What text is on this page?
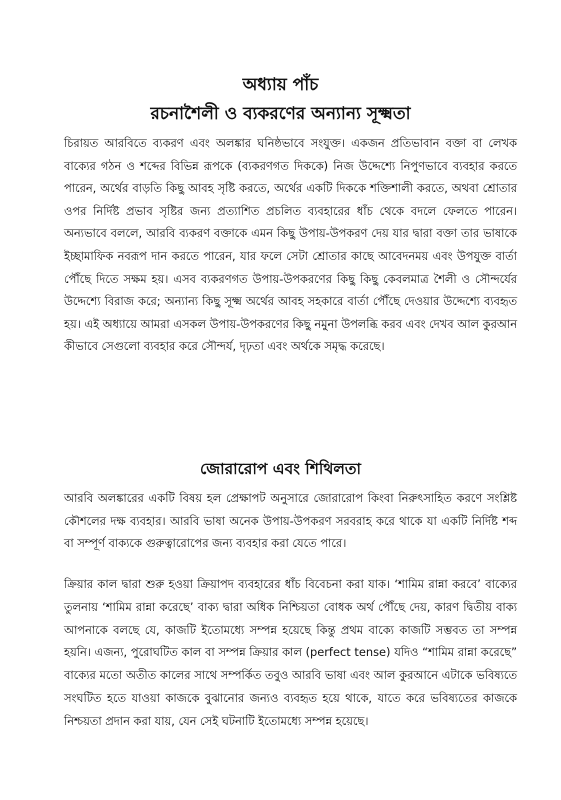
অধ্যায় পাঁচ
রচনাশৈলী ও ব্যকরণের অন্যান্য সূক্ষ্মতা

চিরায়ত আরবিতে ব্যকরণ এবং অলঙ্কার ঘনিষ্ঠভাবে সংযুক্ত। একজন প্রতিভাবান বক্তা বা লেখক বাক্যের গঠন ও শব্দের বিভিন্ন রূপকে (ব্যকরণগত দিককে) নিজ উদ্দেশ্যে নিপুণভাবে ব্যবহার করতে পারেন, অর্থের বাড়তি কিছু আবহ সৃষ্টি করতে, অর্থের একটি দিককে শক্তিশালী করতে, অথবা শ্রোতার ওপর নির্দিষ্ট প্রভাব সৃষ্টির জন্য প্রত্যাশিত প্রচলিত ব্যবহারের ধাঁচ থেকে বদলে ফেলতে পারেন। অন্যভাবে বললে, আরবি ব্যকরণ বক্তাকে এমন কিছু উপায়-উপকরণ দেয় যার দ্বারা বক্তা তার ভাষাকে ইচ্ছামাফিক নবরূপ দান করতে পারেন, যার ফলে সেটা শ্রোতার কাছে আবেদনময় এবং উপযুক্ত বার্তা পৌঁছে দিতে সক্ষম হয়। এসব ব্যকরণগত উপায়-উপকরণের কিছু কিছু কেবলমাত্র শৈলী ও সৌন্দর্যের উদ্দেশ্যে বিরাজ করে; অন্যান্য কিছু সূক্ষ্ম অর্থের আবহ সহকারে বার্তা পৌঁছে দেওয়ার উদ্দেশ্যে ব্যবহৃত হয়। এই অধ্যায়ে আমরা এসকল উপায়-উপকরণের কিছু নমুনা উপলব্ধি করব এবং দেখব আল কুরআন কীভাবে সেগুলো ব্যবহার করে সৌন্দর্য, দৃঢ়তা এবং অর্থকে সমৃদ্ধ করেছে।

জোরারোপ এবং শিথিলতা

আরবি অলঙ্কারের একটি বিষয় হল প্রেক্ষাপট অনুসারে জোরারোপ কিংবা নিরুৎসাহিত করণে সংশ্লিষ্ট কৌশলের দক্ষ ব্যবহার। আরবি ভাষা অনেক উপায়-উপকরণ সরবরাহ করে থাকে যা একটি নির্দিষ্ট শব্দ বা সম্পূর্ণ বাক্যকে গুরুত্বারোপের জন্য ব্যবহার করা যেতে পারে।

ক্রিয়ার কাল দ্বারা শুরু হওয়া ক্রিয়াপদ ব্যবহারের ধাঁচ বিবেচনা করা যাক। ‘শামিম রান্না করবে’ বাক্যের তুলনায় ‘শামিম রান্না করেছে’ বাক্য দ্বারা অধিক নিশ্চিয়তা বোধক অর্থ পৌঁছে দেয়, কারণ দ্বিতীয় বাক্য আপনাকে বলছে যে, কাজটি ইতোমধ্যে সম্পন্ন হয়েছে কিন্তু প্রথম বাক্যে কাজটি সম্ভবত তা সম্পন্ন হয়নি। এজন্য, পুরোঘটিত কাল বা সম্পন্ন ক্রিয়ার কাল (perfect tense) যদিও “শামিম রান্না করেছে” বাক্যের মতো অতীত কালের সাথে সম্পর্কিত তবুও আরবি ভাষা এবং আল কুরআনে এটাকে ভবিষ্যতে সংঘটিত হতে যাওয়া কাজকে বুঝানোর জন্যও ব্যবহৃত হয়ে থাকে, যাতে করে ভবিষ্যতের কাজকে নিশ্চয়তা প্রদান করা যায়, যেন সেই ঘটনাটি ইতোমধ্যে সম্পন্ন হয়েছে।
